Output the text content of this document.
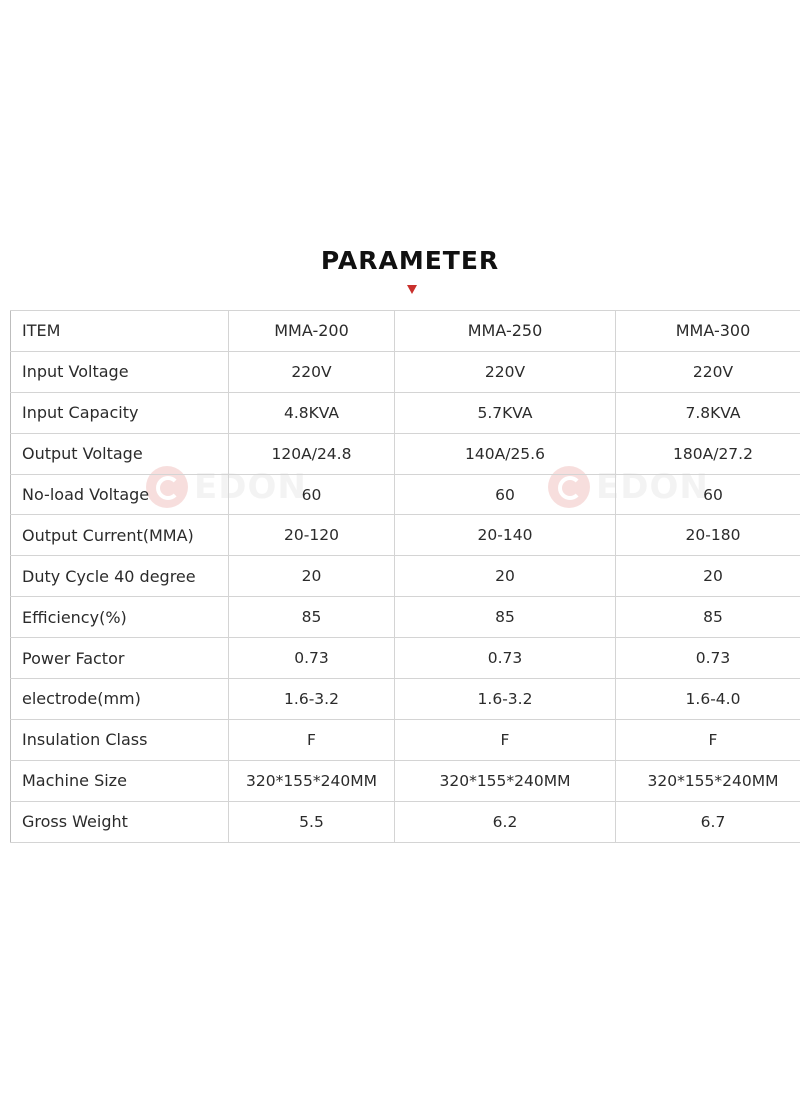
PARAMETER
EDON	EDON
ITEM	MMA-200	MMA-250	MMA-300
Input Voltage	220V	220V	220V
Input Capacity	4.8KVA	5.7KVA	7.8KVA
Output Voltage	120A/24.8	140A/25.6	180A/27.2
No-load Voltage	60	60	60
Output Current(MMA)	20-120	20-140	20-180
Duty Cycle 40 degree	20	20	20
Efficiency(%)	85	85	85
Power Factor	0.73	0.73	0.73
electrode(mm)	1.6-3.2	1.6-3.2	1.6-4.0
Insulation Class	F	F	F
Machine Size	320*155*240MM	320*155*240MM	320*155*240MM
Gross Weight	5.5	6.2	6.7
